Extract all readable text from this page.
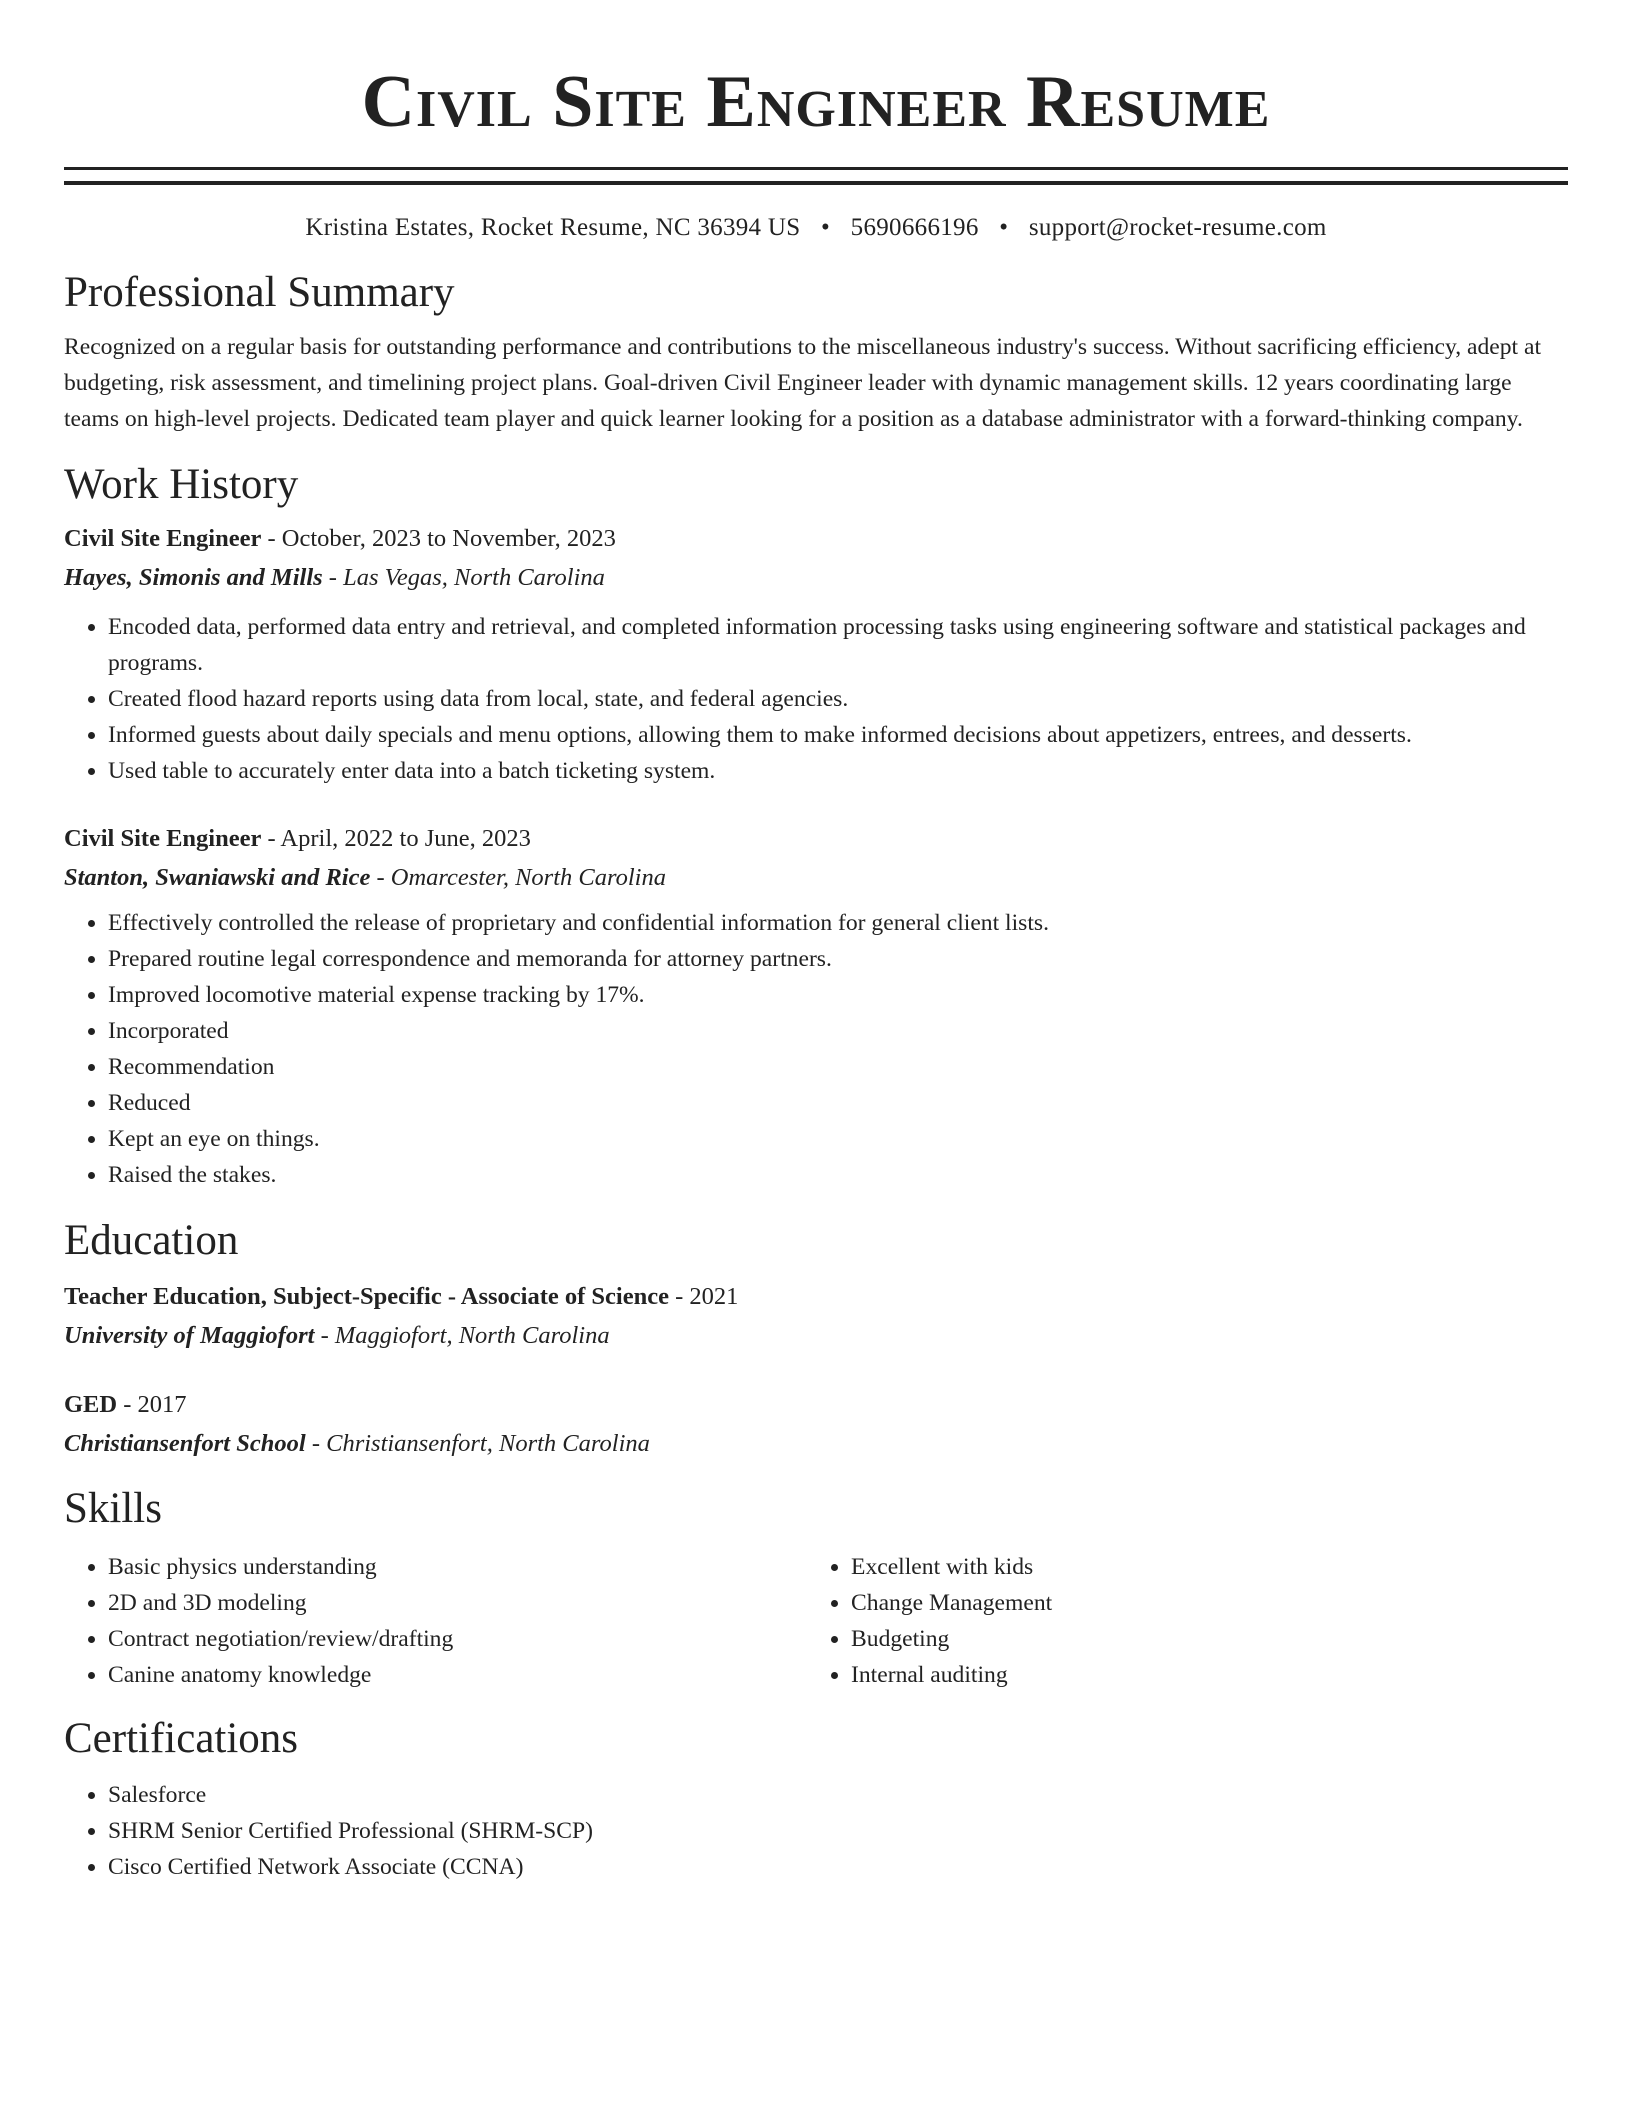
Civil Site Engineer Resume
Kristina Estates, Rocket Resume, NC 36394 US • 5690666196 • support@rocket-resume.com
Professional Summary

Recognized on a regular basis for outstanding performance and contributions to the miscellaneous industry's success. Without sacrificing efficiency, adept at budgeting, risk assessment, and timelining project plans. Goal-driven Civil Engineer leader with dynamic management skills. 12 years coordinating large teams on high-level projects. Dedicated team player and quick learner looking for a position as a database administrator with a forward-thinking company.

Work History
Civil Site Engineer - October, 2023 to November, 2023
Hayes, Simonis and Mills - Las Vegas, North Carolina
• Encoded data, performed data entry and retrieval, and completed information processing tasks using engineering software and statistical packages and programs.
• Created flood hazard reports using data from local, state, and federal agencies.
• Informed guests about daily specials and menu options, allowing them to make informed decisions about appetizers, entrees, and desserts.
• Used table to accurately enter data into a batch ticketing system.
Civil Site Engineer - April, 2022 to June, 2023
Stanton, Swaniawski and Rice - Omarcester, North Carolina
• Effectively controlled the release of proprietary and confidential information for general client lists.
• Prepared routine legal correspondence and memoranda for attorney partners.
• Improved locomotive material expense tracking by 17%.
• Incorporated
• Recommendation
• Reduced
• Kept an eye on things.
• Raised the stakes.
Education
Teacher Education, Subject-Specific - Associate of Science - 2021
University of Maggiofort - Maggiofort, North Carolina
GED - 2017
Christiansenfort School - Christiansenfort, North Carolina
Skills
• Basic physics understanding
• 2D and 3D modeling
• Contract negotiation/review/drafting
• Canine anatomy knowledge
• Excellent with kids
• Change Management
• Budgeting
• Internal auditing
Certifications
• Salesforce
• SHRM Senior Certified Professional (SHRM-SCP)
• Cisco Certified Network Associate (CCNA)
